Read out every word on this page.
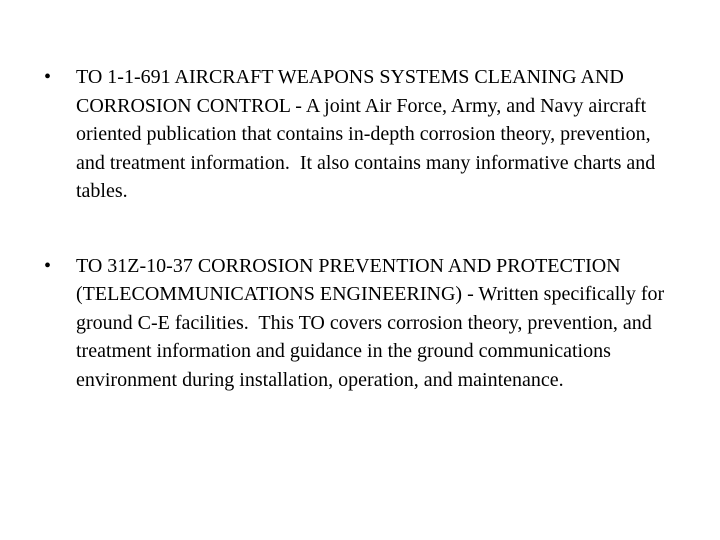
•	TO 1-1-691 AIRCRAFT WEAPONS SYSTEMS CLEANING AND CORROSION CONTROL - A joint Air Force, Army, and Navy aircraft oriented publication that contains in-depth corrosion theory, prevention, and treatment information.  It also contains many informative charts and tables.
•	TO 31Z-10-37 CORROSION PREVENTION AND PROTECTION (TELECOMMUNICATIONS ENGINEERING) - Written specifically for ground C-E facilities.  This TO covers corrosion theory, prevention, and treatment information and guidance in the ground communications environment during installation, operation, and maintenance.
